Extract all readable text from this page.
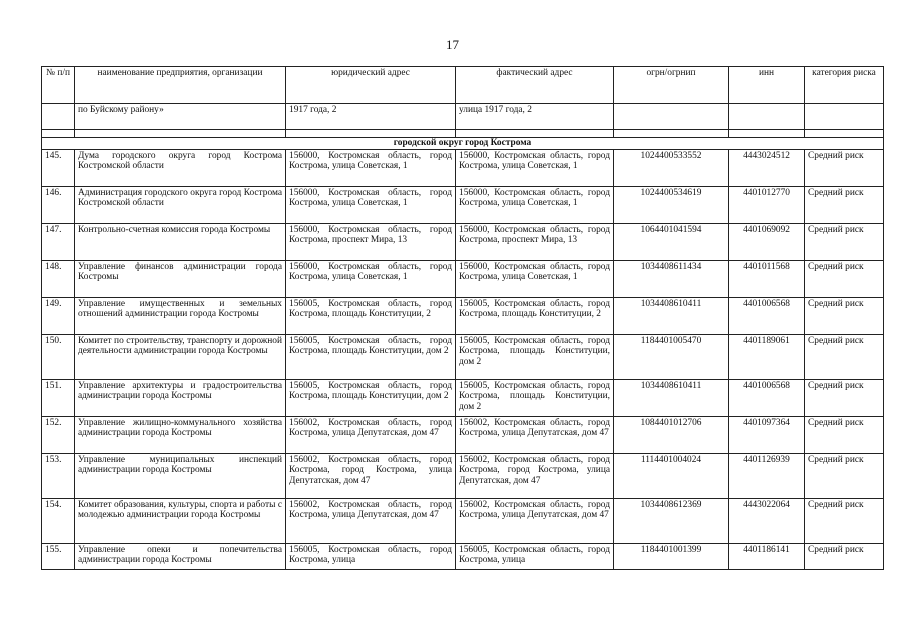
17
№ п/п	наименование предприятия, организации	юридический адрес	фактический адрес	огрн/огрнип	инн	категория риска
	по Буйскому району»	1917 года, 2	улица 1917 года, 2			

городской округ город Кострома						
145.	Дума городского округа город Кострома Костромской области	156000, Костромская область, город Кострома, улица Советская, 1	156000, Костромская область, город Кострома, улица Советская, 1	1024400533552	4443024512	Средний риск
146.	Администрация городского округа город Кострома Костромской области	156000, Костромская область, город Кострома, улица Советская, 1	156000, Костромская область, город Кострома, улица Советская, 1	1024400534619	4401012770	Средний риск
147.	Контрольно-счетная комиссия города Костромы	156000, Костромская область, город Кострома, проспект Мира, 13	156000, Костромская область, город Кострома, проспект Мира, 13	1064401041594	4401069092	Средний риск
148.	Управление финансов администрации города Костромы	156000, Костромская область, город Кострома, улица Советская, 1	156000, Костромская область, город Кострома, улица Советская, 1	1034408611434	4401011568	Средний риск
149.	Управление имущественных и земельных отношений администрации города Костромы	156005, Костромская область, город Кострома, площадь Конституции, 2	156005, Костромская область, город Кострома, площадь Конституции, 2	1034408610411	4401006568	Средний риск
150.	Комитет по строительству, транспорту и дорожной деятельности администрации города Костромы	156005, Костромская область, город Кострома, площадь Конституции, дом 2	156005, Костромская область, город Кострома, площадь Конституции, дом 2	1184401005470	4401189061	Средний риск
151.	Управление архитектуры и градостроительства администрации города Костромы	156005, Костромская область, город Кострома, площадь Конституции, дом 2	156005, Костромская область, город Кострома, площадь Конституции, дом 2	1034408610411	4401006568	Средний риск
152.	Управление жилищно-коммунального хозяйства администрации города Костромы	156002, Костромская область, город Кострома, улица Депутатская, дом 47	156002, Костромская область, город Кострома, улица Депутатская, дом 47	1084401012706	4401097364	Средний риск
153.	Управление муниципальных инспекций администрации города Костромы	156002, Костромская область, город Кострома, город Кострома, улица Депутатская, дом 47	156002, Костромская область, город Кострома, город Кострома, улица Депутатская, дом 47	1114401004024	4401126939	Средний риск
154.	Комитет образования, культуры, спорта и работы с молодежью администрации города Костромы	156002, Костромская область, город Кострома, улица Депутатская, дом 47	156002, Костромская область, город Кострома, улица Депутатская, дом 47	1034408612369	4443022064	Средний риск
155.	Управление опеки и попечительства администрации города Костромы	156005, Костромская область, город Кострома, улица	156005, Костромская область, город Кострома, улица	1184401001399	4401186141	Средний риск
